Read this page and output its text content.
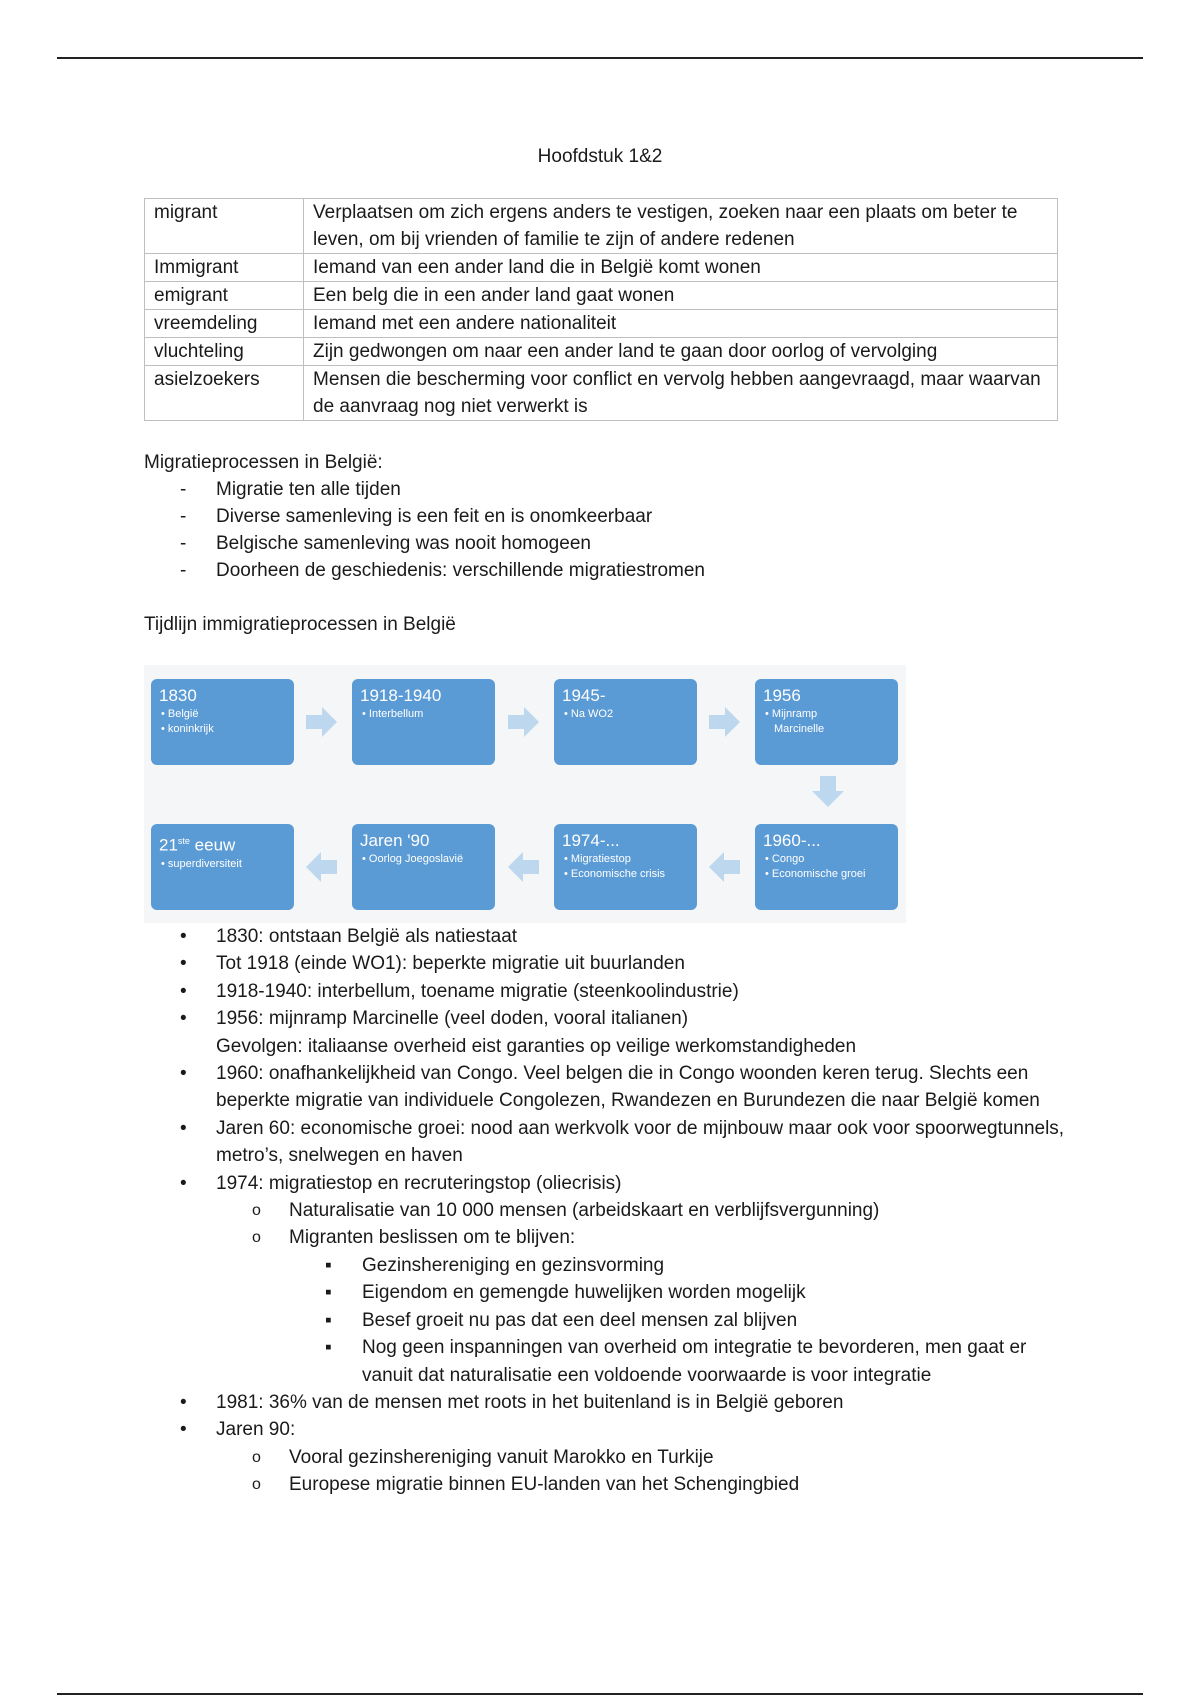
Hoofdstuk 1&2
migrant	Verplaatsen om zich ergens anders te vestigen, zoeken naar een plaats om beter te leven, om bij vrienden of familie te zijn of andere redenen
Immigrant	Iemand van een ander land die in België komt wonen
emigrant	Een belg die in een ander land gaat wonen
vreemdeling	Iemand met een andere nationaliteit
vluchteling	Zijn gedwongen om naar een ander land te gaan door oorlog of vervolging
asielzoekers	Mensen die bescherming voor conflict en vervolg hebben aangevraagd, maar waarvan de aanvraag nog niet verwerkt is
Migratieprocessen in België:
- Migratie ten alle tijden
- Diverse samenleving is een feit en is onomkeerbaar
- Belgische samenleving was nooit homogeen
- Doorheen de geschiedenis: verschillende migratiestromen
Tijdlijn immigratieprocessen in België
1830
• België
• koninkrijk
1918-1940
• Interbellum
1945-
• Na WO2
1956
• Mijnramp
Marcinelle
21ste eeuw
• superdiversiteit
Jaren '90
• Oorlog Joegoslavië
1974-...
• Migratiestop
• Economische crisis
1960-...
• Congo
• Economische groei
• 1830: ontstaan België als natiestaat
• Tot 1918 (einde WO1): beperkte migratie uit buurlanden
• 1918-1940: interbellum, toename migratie (steenkoolindustrie)
• 1956: mijnramp Marcinelle (veel doden, vooral italianen)
Gevolgen: italiaanse overheid eist garanties op veilige werkomstandigheden
• 1960: onafhankelijkheid van Congo. Veel belgen die in Congo woonden keren terug. Slechts een beperkte migratie van individuele Congolezen, Rwandezen en Burundezen die naar België komen
• Jaren 60: economische groei: nood aan werkvolk voor de mijnbouw maar ook voor spoorwegtunnels, metro’s, snelwegen en haven
• 1974: migratiestop en recruteringstop (oliecrisis)
o Naturalisatie van 10 000 mensen (arbeidskaart en verblijfsvergunning)
o Migranten beslissen om te blijven:
▪ Gezinshereniging en gezinsvorming
▪ Eigendom en gemengde huwelijken worden mogelijk
▪ Besef groeit nu pas dat een deel mensen zal blijven
▪ Nog geen inspanningen van overheid om integratie te bevorderen, men gaat er vanuit dat naturalisatie een voldoende voorwaarde is voor integratie
• 1981: 36% van de mensen met roots in het buitenland is in België geboren
• Jaren 90:
o Vooral gezinshereniging vanuit Marokko en Turkije
o Europese migratie binnen EU-landen van het Schengingbied
